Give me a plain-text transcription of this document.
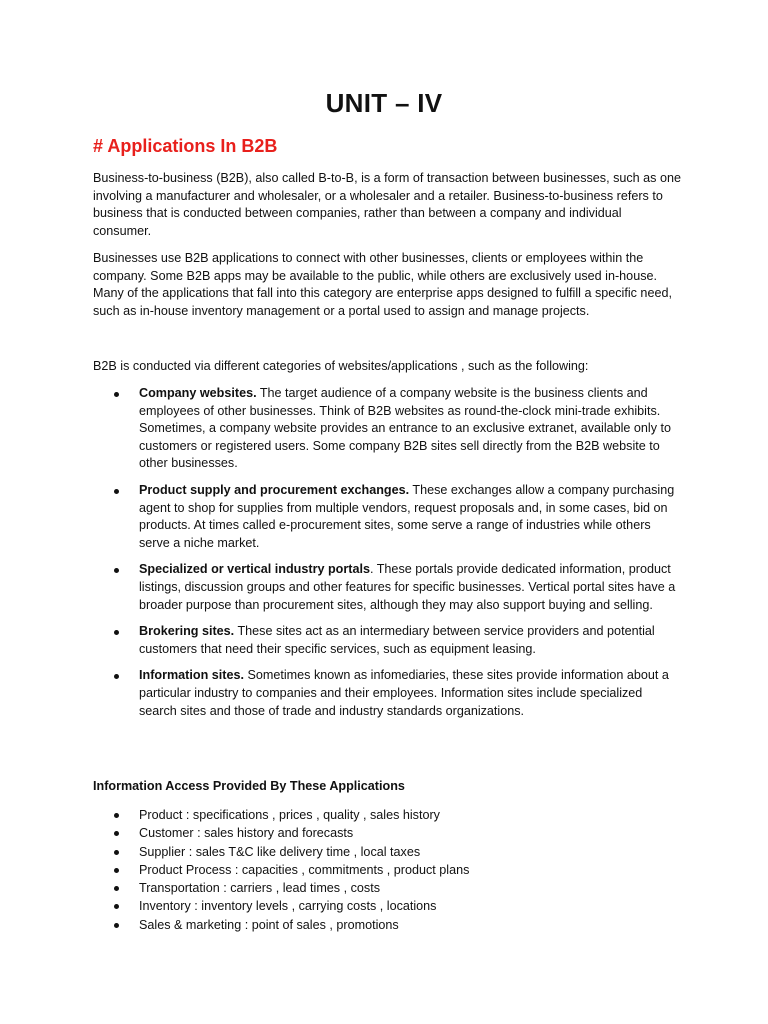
UNIT – IV
# Applications In B2B

Business-to-business (B2B), also called B-to-B, is a form of transaction between businesses, such as one involving a manufacturer and wholesaler, or a wholesaler and a retailer. Business-to-business refers to business that is conducted between companies, rather than between a company and individual consumer.

Businesses use B2B applications to connect with other businesses, clients or employees within the company. Some B2B apps may be available to the public, while others are exclusively used in-house. Many of the applications that fall into this category are enterprise apps designed to fulfill a specific need, such as in-house inventory management or a portal used to assign and manage projects.

B2B is conducted via different categories of websites/applications , such as the following:

Company websites. The target audience of a company website is the business clients and employees of other businesses. Think of B2B websites as round-the-clock mini-trade exhibits. Sometimes, a company website provides an entrance to an exclusive extranet, available only to customers or registered users. Some company B2B sites sell directly from the B2B website to other businesses.
Product supply and procurement exchanges. These exchanges allow a company purchasing agent to shop for supplies from multiple vendors, request proposals and, in some cases, bid on products. At times called e-procurement sites, some serve a range of industries while others serve a niche market.
Specialized or vertical industry portals. These portals provide dedicated information, product listings, discussion groups and other features for specific businesses. Vertical portal sites have a broader purpose than procurement sites, although they may also support buying and selling.
Brokering sites. These sites act as an intermediary between service providers and potential customers that need their specific services, such as equipment leasing.
Information sites. Sometimes known as infomediaries, these sites provide information about a particular industry to companies and their employees. Information sites include specialized search sites and those of trade and industry standards organizations.
Information Access Provided By These Applications
Product : specifications , prices , quality , sales history
Customer : sales history and forecasts
Supplier : sales T&C like delivery time , local taxes
Product Process : capacities , commitments , product plans
Transportation : carriers , lead times , costs
Inventory : inventory levels , carrying costs , locations
Sales & marketing : point of sales , promotions
